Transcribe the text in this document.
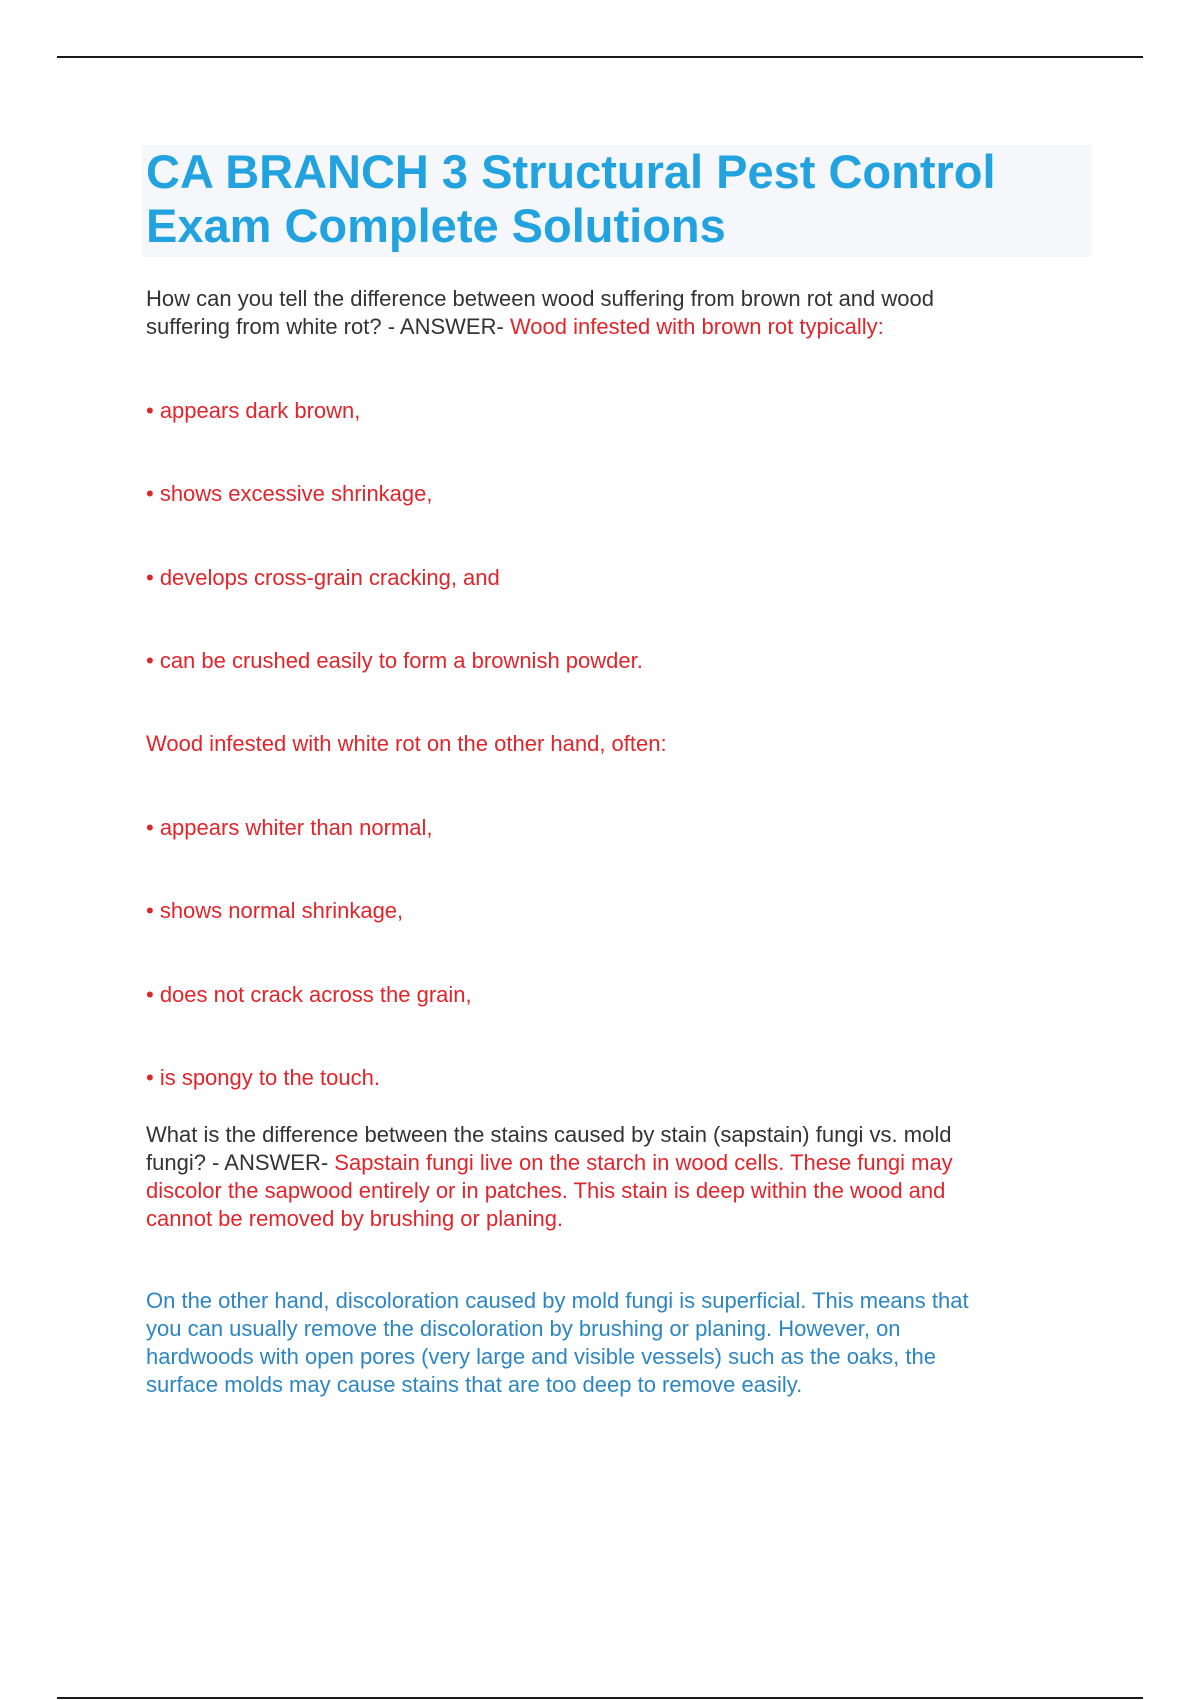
CA BRANCH 3 Structural Pest Control
Exam Complete Solutions
How can you tell the difference between wood suffering from brown rot and wood
suffering from white rot? - ANSWER- Wood infested with brown rot typically:

• appears dark brown,

• shows excessive shrinkage,

• develops cross-grain cracking, and

• can be crushed easily to form a brownish powder.

Wood infested with white rot on the other hand, often:

• appears whiter than normal,

• shows normal shrinkage,

• does not crack across the grain,

• is spongy to the touch.

What is the difference between the stains caused by stain (sapstain) fungi vs. mold
fungi? - ANSWER- Sapstain fungi live on the starch in wood cells. These fungi may
discolor the sapwood entirely or in patches. This stain is deep within the wood and
cannot be removed by brushing or planing.
On the other hand, discoloration caused by mold fungi is superficial. This means that
you can usually remove the discoloration by brushing or planing. However, on
hardwoods with open pores (very large and visible vessels) such as the oaks, the
surface molds may cause stains that are too deep to remove easily.
